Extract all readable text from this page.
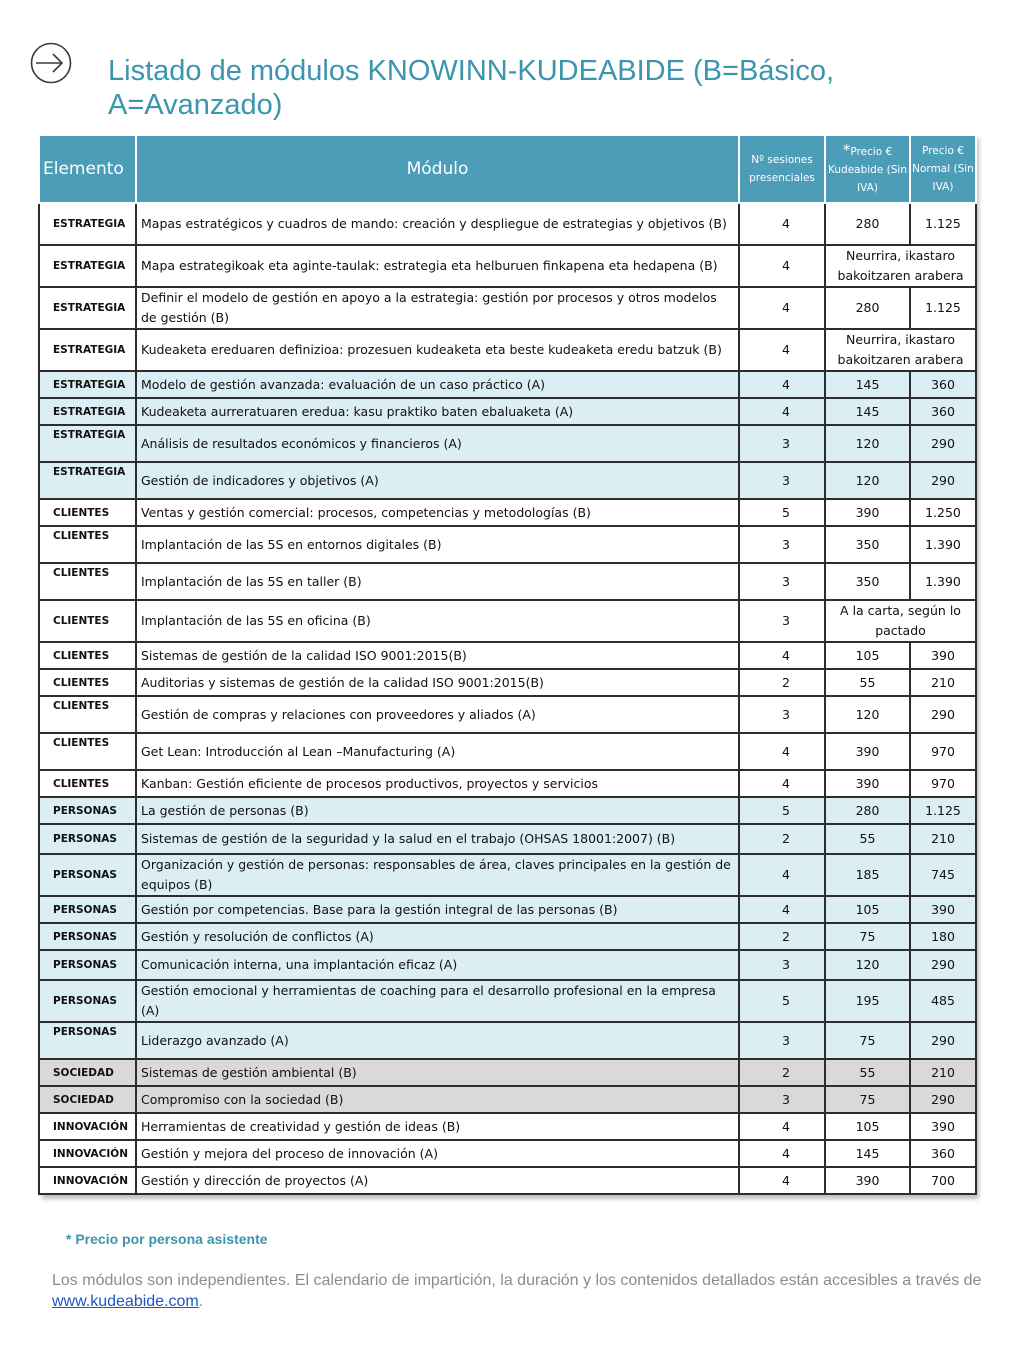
Listado de módulos KNOWINN-KUDEABIDE (B=Básico, A=Avanzado)
Elemento	Módulo	Nº sesiones presenciales	*Precio € Kudeabide (Sin IVA)	Precio € Normal (Sin IVA)
ESTRATEGIA	Mapas estratégicos y cuadros de mando: creación y despliegue de estrategias y objetivos (B)	4	280	1.125
ESTRATEGIA	Mapa estrategikoak eta aginte-taulak: estrategia eta helburuen finkapena eta hedapena (B)	4	Neurrira, ikastaro bakoitzaren arabera	
ESTRATEGIA	Definir el modelo de gestión en apoyo a la estrategia: gestión por procesos y otros modelos de gestión (B)	4	280	1.125
ESTRATEGIA	Kudeaketa ereduaren definizioa: prozesuen kudeaketa eta beste kudeaketa eredu batzuk (B)	4	Neurrira, ikastaro bakoitzaren arabera	
ESTRATEGIA	Modelo de gestión avanzada: evaluación de un caso práctico (A)	4	145	360
ESTRATEGIA	Kudeaketa aurreratuaren eredua: kasu praktiko baten ebaluaketa (A)	4	145	360
ESTRATEGIA	Análisis de resultados económicos y financieros (A)	3	120	290
ESTRATEGIA	Gestión de indicadores y objetivos (A)	3	120	290
CLIENTES	Ventas y gestión comercial: procesos, competencias y metodologías (B)	5	390	1.250
CLIENTES	Implantación de las 5S en entornos digitales (B)	3	350	1.390
CLIENTES	Implantación de las 5S en taller (B)	3	350	1.390
CLIENTES	Implantación de las 5S en oficina (B)	3	A la carta, según lo pactado	
CLIENTES	Sistemas de gestión de la calidad ISO 9001:2015(B)	4	105	390
CLIENTES	Auditorias y sistemas de gestión de la calidad ISO 9001:2015(B)	2	55	210
CLIENTES	Gestión de compras y relaciones con proveedores y aliados (A)	3	120	290
CLIENTES	Get Lean: Introducción al Lean –Manufacturing (A)	4	390	970
CLIENTES	Kanban: Gestión eficiente de procesos productivos, proyectos y servicios	4	390	970
PERSONAS	La gestión de personas (B)	5	280	1.125
PERSONAS	Sistemas de gestión de la seguridad y la salud en el trabajo (OHSAS 18001:2007) (B)	2	55	210
PERSONAS	Organización y gestión de personas: responsables de área, claves principales en la gestión de equipos (B)	4	185	745
PERSONAS	Gestión por competencias. Base para la gestión integral de las personas (B)	4	105	390
PERSONAS	Gestión y resolución de conflictos (A)	2	75	180
PERSONAS	Comunicación interna, una implantación eficaz (A)	3	120	290
PERSONAS	Gestión emocional y herramientas de coaching para el desarrollo profesional en la empresa (A)	5	195	485
PERSONAS	Liderazgo avanzado (A)	3	75	290
SOCIEDAD	Sistemas de gestión ambiental (B)	2	55	210
SOCIEDAD	Compromiso con la sociedad (B)	3	75	290
INNOVACIÓN	Herramientas de creatividad y gestión de ideas (B)	4	105	390
INNOVACIÓN	Gestión y mejora del proceso de innovación (A)	4	145	360
INNOVACIÓN	Gestión y dirección de proyectos (A)	4	390	700
* Precio por persona asistente
Los módulos son independientes. El calendario de impartición, la duración y los contenidos detallados están accesibles a través de www.kudeabide.com.
